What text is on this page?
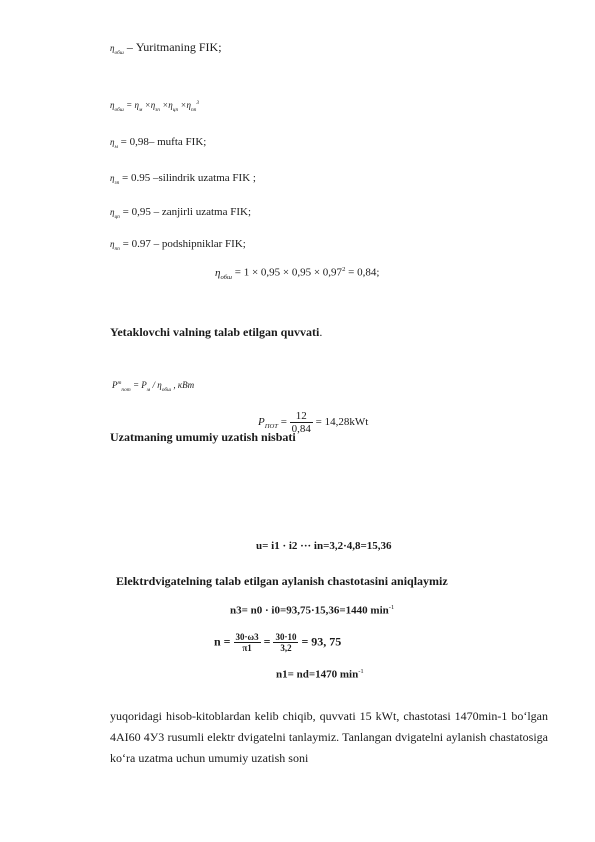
$\eta_{обш}$ – Yuritmaning FIK;
$\eta_{обш} = \eta_м \times\eta_{зп} \times\eta_{цп} \times\eta_{пп}^3$
$\eta_м = 0,98-$ mufta FIK;
$\eta_{зп} = 0.95$ –silindrik uzatma FIK ;
$\eta_{цп} = 0,95$ – zanjirli uzatma FIK;
$\eta_{пп} = 0.97$ – podshipniklar FIK;
$\eta_{обш} = 1 \times 0,95 \times 0,95 \times 0,97^2 = 0,84$;
Yetaklovchi valning talab etilgan quvvati.
$P^т_{пот} = P_м / \eta_{обш}$ , кВт
$P_{ПОТ} = \frac{12}{0,84} = 14,28kWt$
Uzatmaning umumiy uzatish nisbati
u= i1 · i2 ··· in=3,2·4,8=15,36
Elektrdvigatelning talab etilgan aylanish chastotasini aniqlaymiz
n3= n0 · i0=93,75·15,36=1440 $\min^{-1}$
$n = \frac{30\cdot\omega 3}{\pi 1} = \frac{30\cdot 10}{3,2} = 93$, 75
n1= nd=1470 $\min^{-1}$
yuqoridagi hisob-kitoblardan kelib chiqib, quvvati 15 kWt, chastotasi 1470min-1 bo‘lgan 4AI60 4У3 rusumli elektr dvigatelni tanlaymiz. Tanlangan dvigatelni aylanish chastatosiga ko‘ra uzatma uchun umumiy uzatish soni
